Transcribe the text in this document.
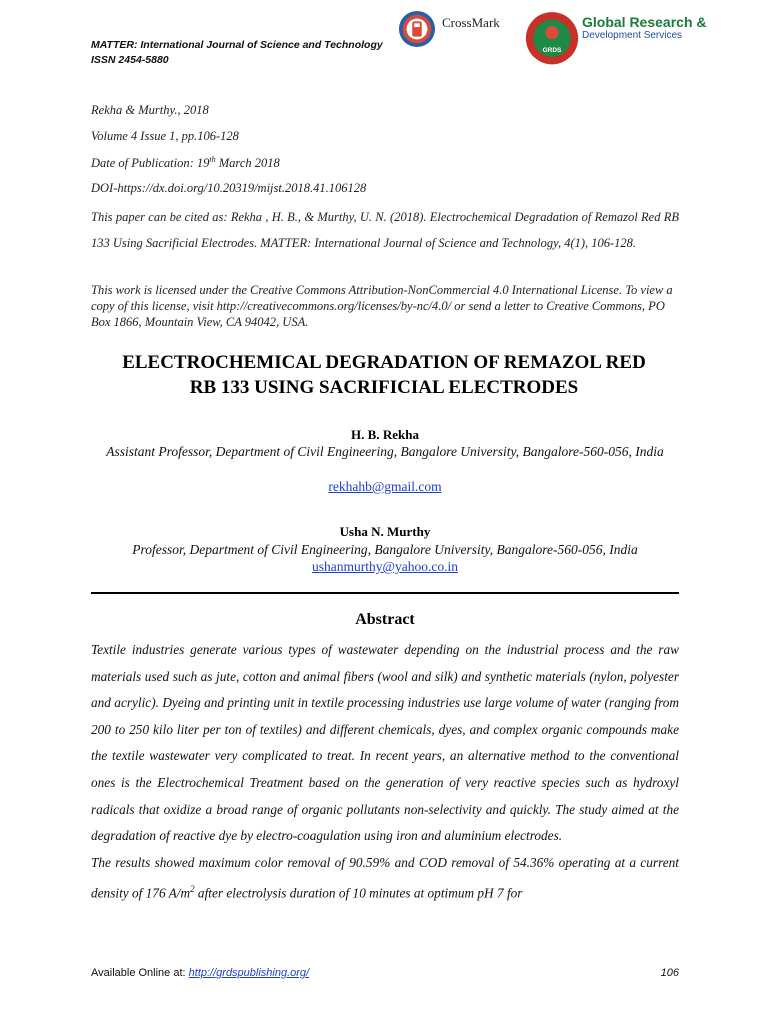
MATTER: International Journal of Science and Technology
ISSN 2454-5880
CrossMark
GRDS
Global Research &
Development Services

Rekha & Murthy., 2018

Volume 4 Issue 1, pp.106-128

Date of Publication: 19th March 2018

DOI-https://dx.doi.org/10.20319/mijst.2018.41.106128

This paper can be cited as: Rekha , H. B., & Murthy, U. N. (2018). Electrochemical Degradation of Remazol Red RB 133 Using Sacrificial Electrodes. MATTER: International Journal of Science and Technology, 4(1), 106-128.
This work is licensed under the Creative Commons Attribution-NonCommercial 4.0 International License. To view a copy of this license, visit http://creativecommons.org/licenses/by-nc/4.0/ or send a letter to Creative Commons, PO Box 1866, Mountain View, CA 94042, USA.
ELECTROCHEMICAL DEGRADATION OF REMAZOL RED
RB 133 USING SACRIFICIAL ELECTRODES
H. B. Rekha
Assistant Professor, Department of Civil Engineering, Bangalore University, Bangalore-560-056, India
rekhahb@gmail.com
Usha N. Murthy
Professor, Department of Civil Engineering, Bangalore University, Bangalore-560-056, India
ushanmurthy@yahoo.co.in
Abstract

Textile industries generate various types of wastewater depending on the industrial process and the raw materials used such as jute, cotton and animal fibers (wool and silk) and synthetic materials (nylon, polyester and acrylic). Dyeing and printing unit in textile processing industries use large volume of water (ranging from 200 to 250 kilo liter per ton of textiles) and different chemicals, dyes, and complex organic compounds make the textile wastewater very complicated to treat. In recent years, an alternative method to the conventional ones is the Electrochemical Treatment based on the generation of very reactive species such as hydroxyl radicals that oxidize a broad range of organic pollutants non-selectivity and quickly. The study aimed at the degradation of reactive dye by electro-coagulation using iron and aluminium electrodes.

The results showed maximum color removal of 90.59% and COD removal of 54.36% operating at a current density of 176 $A/m^2$ after electrolysis duration of 10 minutes at optimum pH 7 for

Available Online at: http://grdspublishing.org/	106
